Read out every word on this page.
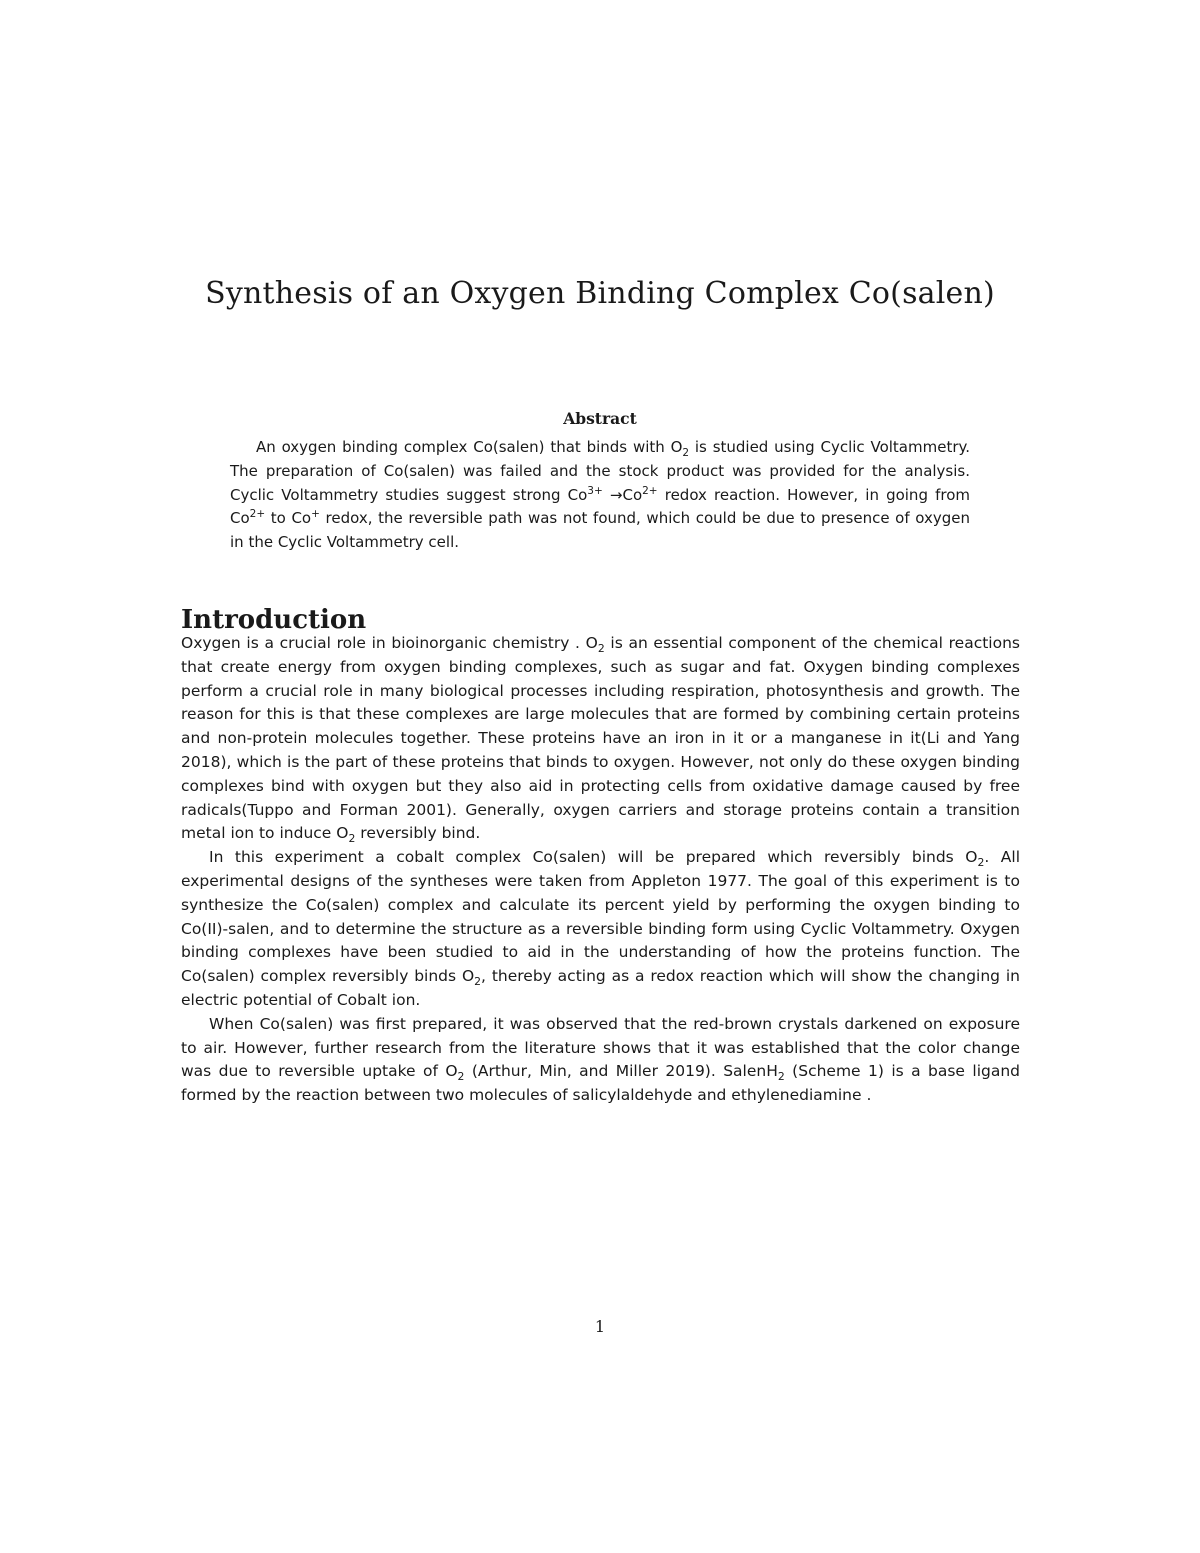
Synthesis of an Oxygen Binding Complex Co(salen)
Abstract

An oxygen binding complex Co(salen) that binds with $O_2$ is studied using Cyclic Voltammetry. The preparation of Co(salen) was failed and the stock product was provided for the analysis. Cyclic Voltammetry studies suggest strong $Co^{3+} \to Co^{2+}$ redox reaction. However, in going from $Co^{2+}$ to Co+ redox, the reversible path was not found, which could be due to presence of oxygen in the Cyclic Voltammetry cell.

Introduction

Oxygen is a crucial role in bioinorganic chemistry . $O_2$ is an essential component of the chemical reactions that create energy from oxygen binding complexes, such as sugar and fat. Oxygen binding complexes perform a crucial role in many biological processes including respiration, photosynthesis and growth. The reason for this is that these complexes are large molecules that are formed by combining certain proteins and non-protein molecules together. These proteins have an iron in it or a manganese in it(Li and Yang 2018), which is the part of these proteins that binds to oxygen. However, not only do these oxygen binding complexes bind with oxygen but they also aid in protecting cells from oxidative damage caused by free radicals(Tuppo and Forman 2001). Generally, oxygen carriers and storage proteins contain a transition metal ion to induce $O_2$ reversibly bind.

In this experiment a cobalt complex Co(salen) will be prepared which reversibly binds $O_2$. All experimental designs of the syntheses were taken from Appleton 1977. The goal of this experiment is to synthesize the Co(salen) complex and calculate its percent yield by performing the oxygen binding to Co(II)-salen, and to determine the structure as a reversible binding form using Cyclic Voltammetry. Oxygen binding complexes have been studied to aid in the understanding of how the proteins function. The Co(salen) complex reversibly binds $O_2$, thereby acting as a redox reaction which will show the changing in electric potential of Cobalt ion.

When Co(salen) was first prepared, it was observed that the red-brown crystals darkened on exposure to air. However, further research from the literature shows that it was established that the color change was due to reversible uptake of $O_2$ (Arthur, Min, and Miller 2019). SalenH$_2$ (Scheme 1) is a base ligand formed by the reaction between two molecules of salicylaldehyde and ethylenediamine .

1
